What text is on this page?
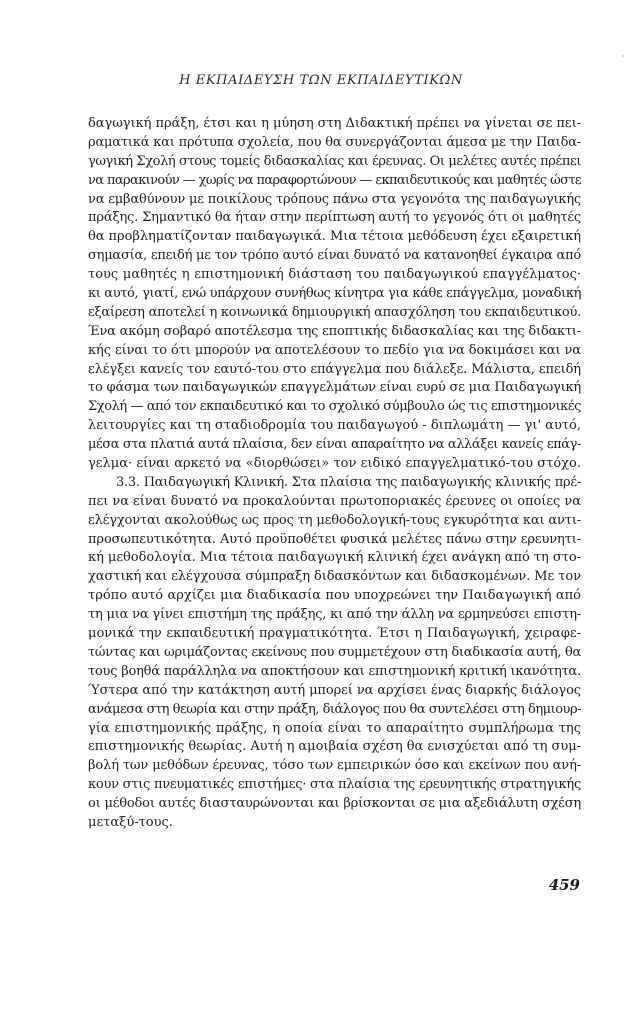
Η ΕΚΠΑΙΔΕΥΣΗ ΤΩΝ ΕΚΠΑΙΔΕΥΤΙΚΩΝ
δαγωγική πράξη, έτσι και η μύηση στη Διδακτική πρέπει να γίνεται σε πει-
ραματικά και πρότυπα σχολεία, που θα συνεργάζονται άμεσα με την Παιδα-
γωγική Σχολή στους τομείς διδασκαλίας και έρευνας. Οι μελέτες αυτές πρέπει
να παρακινούν — χωρίς να παραφορτώνουν — εκπαιδευτικούς και μαθητές ώστε
να εμβαθύνουν με ποικίλους τρόπους πάνω στα γεγονότα της παιδαγωγικής
πράξης. Σημαντικό θα ήταν στην περίπτωση αυτή το γεγονός ότι οι μαθητές
θα προβληματίζονταν παιδαγωγικά. Μια τέτοια μεθόδευση έχει εξαιρετική
σημασία, επειδή με τον τρόπο αυτό είναι δυνατό να κατανοηθεί έγκαιρα από
τους μαθητές η επιστημονική διάσταση του παιδαγωγικού επαγγέλματος·
κι αυτό, γιατί, ενώ υπάρχουν συνήθως κίνητρα για κάθε επάγγελμα, μοναδική
εξαίρεση αποτελεί η κοινωνικά δημιουργική απασχόληση του εκπαιδευτικού.
Ένα ακόμη σοβαρό αποτέλεσμα της εποπτικής διδασκαλίας και της διδακτι-
κής είναι το ότι μπορούν να αποτελέσουν το πεδίο για να δοκιμάσει και να
ελέγξει κανείς τον εαυτό-του στο επάγγελμα που διάλεξε. Μάλιστα, επειδή
το φάσμα των παιδαγωγικών επαγγελμάτων είναι ευρύ σε μια Παιδαγωγική
Σχολή — από τον εκπαιδευτικό και το σχολικό σύμβουλο ώς τις επιστημονικές
λειτουργίες και τη σταδιοδρομία του παιδαγωγού - διπλωμάτη — γι' αυτό,
μέσα στα πλατιά αυτά πλαίσια, δεν είναι απαραίτητο να αλλάξει κανείς επάγ-
γελμα· είναι αρκετό να «διορθώσει» τον ειδικό επαγγελματικό-του στόχο.
3.3. Παιδαγωγική Κλινική. Στα πλαίσια της παιδαγωγικής κλινικής πρέ-
πει να είναι δυνατό να προκαλούνται πρωτοποριακές έρευνες οι οποίες να
ελέγχονται ακολούθως ως προς τη μεθοδολογική-τους εγκυρότητα και αντι-
προσωπευτικότητα. Αυτό προϋποθέτει φυσικά μελέτες πάνω στην ερευνητι-
κή μεθοδολογία. Μια τέτοια παιδαγωγική κλινική έχει ανάγκη από τη στο-
χαστική και ελέγχουσα σύμπραξη διδασκόντων και διδασκομένων. Με τον
τρόπο αυτό αρχίζει μια διαδικασία που υποχρεώνει την Παιδαγωγική από
τη μια να γίνει επιστήμη της πράξης, κι από την άλλη να ερμηνεύσει επιστη-
μονικά την εκπαιδευτική πραγματικότητα. Έτσι η Παιδαγωγική, χειραφε-
τώντας και ωριμάζοντας εκείνους που συμμετέχουν στη διαδικασία αυτή, θα
τους βοηθά παράλληλα να αποκτήσουν και επιστημονική κριτική ικανότητα.
Ύστερα από την κατάκτηση αυτή μπορεί να αρχίσει ένας διαρκής διάλογος
ανάμεσα στη θεωρία και στην πράξη, διάλογος που θα συντελέσει στη δημιουρ-
γία επιστημονικής πράξης, η οποία είναι το απαραίτητο συμπλήρωμα της
επιστημονικής θεωρίας. Αυτή η αμοιβαία σχέση θα ενισχύεται από τη συμ-
βολή των μεθόδων έρευνας, τόσο των εμπειρικών όσο και εκείνων που ανή-
κουν στις πνευματικές επιστήμες· στα πλαίσια της ερευνητικής στρατηγικής
οι μέθοδοι αυτές διασταυρώνονται και βρίσκονται σε μια αξεδιάλυτη σχέση
μεταξύ-τους.
459
